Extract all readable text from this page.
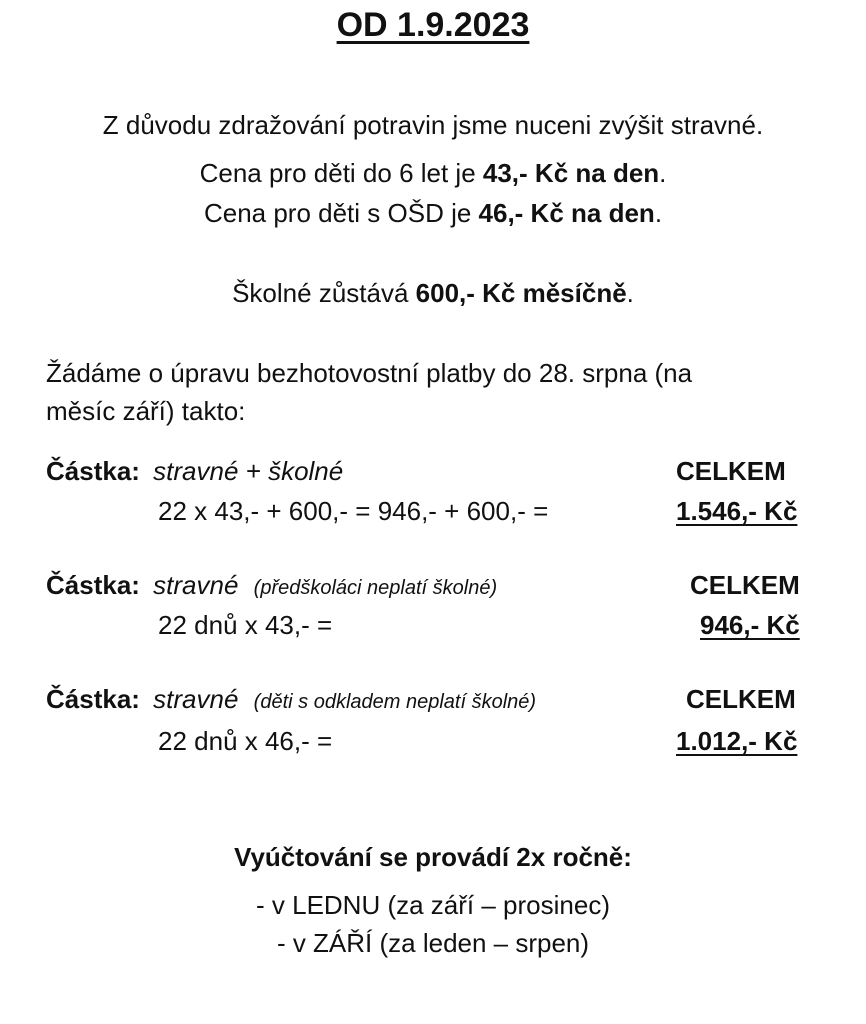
OD 1.9.2023
Z důvodu zdražování potravin jsme nuceni zvýšit stravné.
Cena pro děti do 6 let je 43,- Kč na den.
Cena pro děti s OŠD je 46,- Kč na den.
Školné zůstává 600,- Kč měsíčně.
Žádáme o úpravu bezhotovostní platby do 28. srpna (na
měsíc září) takto:
Částka: stravné + školné	CELKEM
22 x 43,- + 600,- = 946,- + 600,- =	1.546,- Kč
Částka: stravné (předškoláci neplatí školné)	CELKEM
22 dnů x 43,- =	946,- Kč
Částka: stravné (děti s odkladem neplatí školné)	CELKEM
22 dnů x 46,- =	1.012,- Kč
Vyúčtování se provádí 2x ročně:
- v LEDNU (za září – prosinec)
- v ZÁŘÍ (za leden – srpen)
